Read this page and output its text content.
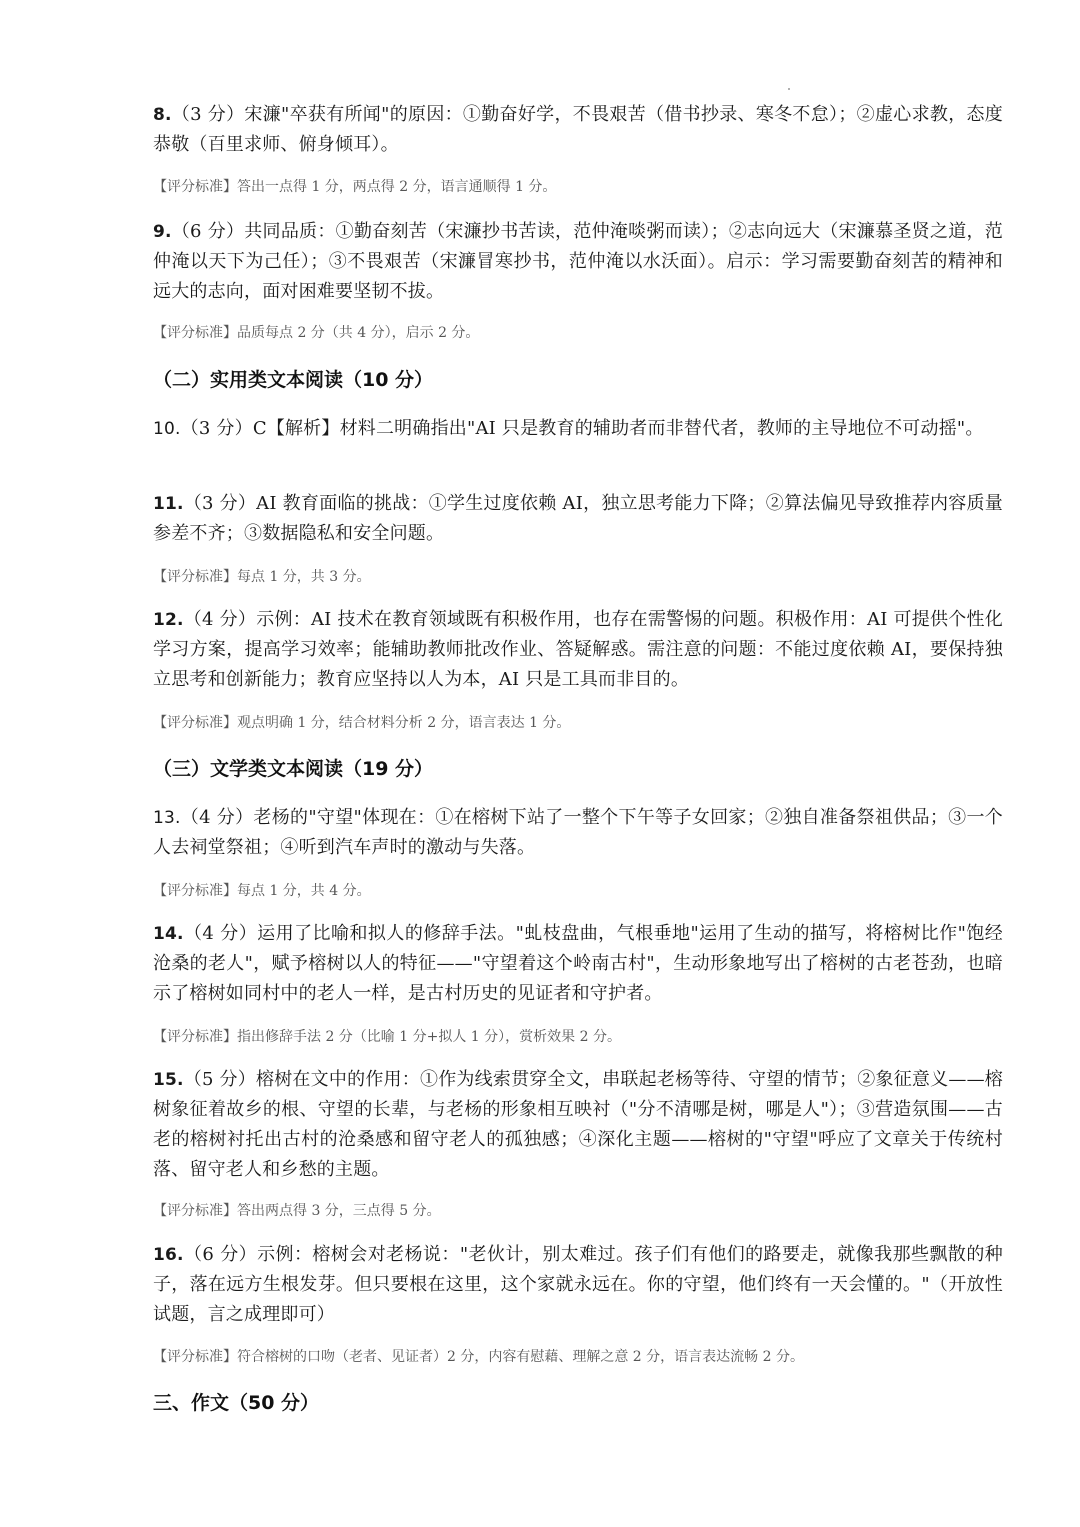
8.（3 分）宋濂"卒获有所闻"的原因：①勤奋好学，不畏艰苦（借书抄录、寒冬不怠）；②虚心求教，态度恭敬（百里求师、俯身倾耳）。

【评分标准】答出一点得 1 分，两点得 2 分，语言通顺得 1 分。

9.（6 分）共同品质：①勤奋刻苦（宋濂抄书苦读，范仲淹啖粥而读）；②志向远大（宋濂慕圣贤之道，范仲淹以天下为己任）；③不畏艰苦（宋濂冒寒抄书，范仲淹以水沃面）。启示：学习需要勤奋刻苦的精神和远大的志向，面对困难要坚韧不拔。

【评分标准】品质每点 2 分（共 4 分），启示 2 分。

（二）实用类文本阅读（10 分）

10.（3 分）C【解析】材料二明确指出"AI 只是教育的辅助者而非替代者，教师的主导地位不可动摇"。

11.（3 分）AI 教育面临的挑战：①学生过度依赖 AI，独立思考能力下降；②算法偏见导致推荐内容质量参差不齐；③数据隐私和安全问题。

【评分标准】每点 1 分，共 3 分。

12.（4 分）示例：AI 技术在教育领域既有积极作用，也存在需警惕的问题。积极作用：AI 可提供个性化学习方案，提高学习效率；能辅助教师批改作业、答疑解惑。需注意的问题：不能过度依赖 AI，要保持独立思考和创新能力；教育应坚持以人为本，AI 只是工具而非目的。

【评分标准】观点明确 1 分，结合材料分析 2 分，语言表达 1 分。

（三）文学类文本阅读（19 分）

13.（4 分）老杨的"守望"体现在：①在榕树下站了一整个下午等子女回家；②独自准备祭祖供品；③一个人去祠堂祭祖；④听到汽车声时的激动与失落。

【评分标准】每点 1 分，共 4 分。

14.（4 分）运用了比喻和拟人的修辞手法。"虬枝盘曲，气根垂地"运用了生动的描写，将榕树比作"饱经沧桑的老人"，赋予榕树以人的特征——"守望着这个岭南古村"，生动形象地写出了榕树的古老苍劲，也暗示了榕树如同村中的老人一样，是古村历史的见证者和守护者。

【评分标准】指出修辞手法 2 分（比喻 1 分+拟人 1 分），赏析效果 2 分。

15.（5 分）榕树在文中的作用：①作为线索贯穿全文，串联起老杨等待、守望的情节；②象征意义——榕树象征着故乡的根、守望的长辈，与老杨的形象相互映衬（"分不清哪是树，哪是人"）；③营造氛围——古老的榕树衬托出古村的沧桑感和留守老人的孤独感；④深化主题——榕树的"守望"呼应了文章关于传统村落、留守老人和乡愁的主题。

【评分标准】答出两点得 3 分，三点得 5 分。

16.（6 分）示例：榕树会对老杨说："老伙计，别太难过。孩子们有他们的路要走，就像我那些飘散的种子，落在远方生根发芽。但只要根在这里，这个家就永远在。你的守望，他们终有一天会懂的。"（开放性试题，言之成理即可）

【评分标准】符合榕树的口吻（老者、见证者）2 分，内容有慰藉、理解之意 2 分，语言表达流畅 2 分。

三、作文（50 分）
